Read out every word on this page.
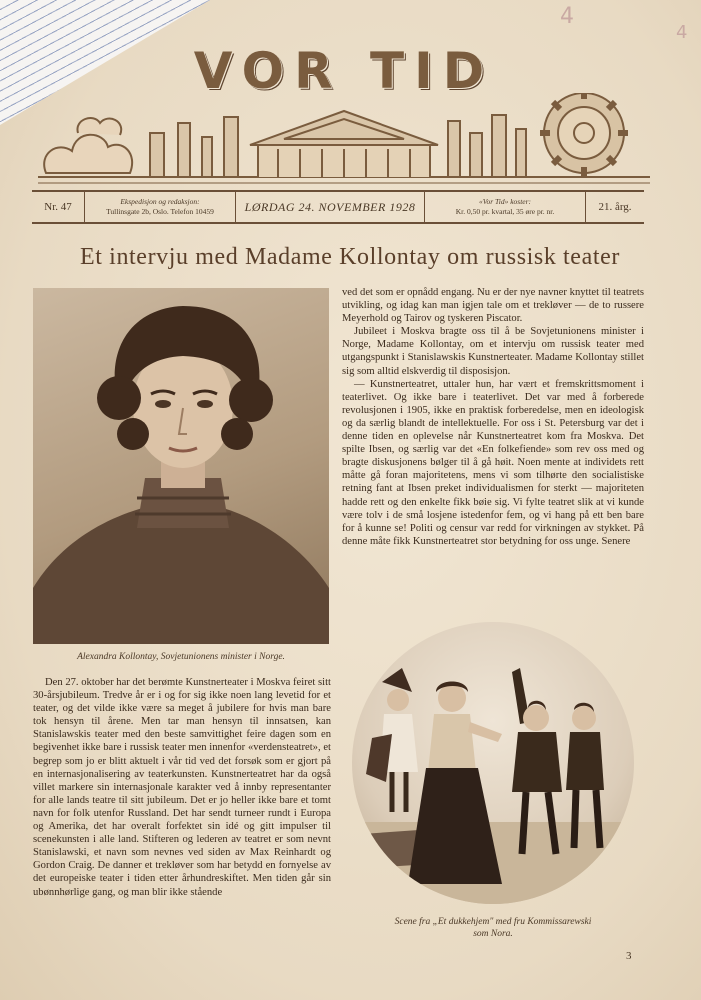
4
4
VOR TID
Nr. 47	Ekspedisjon og redaksjon:
Tullinsgate 2b, Oslo. Telefon 10459	LØRDAG 24. NOVEMBER 1928	«Vor Tid» koster:
Kr. 0,50 pr. kvartal, 35 øre pr. nr.	21. årg.
Et intervju med Madame Kollontay om russisk teater
Alexandra Kollontay, Sovjetunionens minister i Norge.

ved det som er opnådd engang. Nu er der nye navner knyttet til teatrets utvikling, og idag kan man igjen tale om et trekløver — de to russere Meyerhold og Tairov og tyskeren Piscator.

Jubileet i Moskva bragte oss til å be Sovjetunionens minister i Norge, Madame Kollontay, om et intervju om russisk teater med utgangspunkt i Stanislawskis Kunstnerteater. Madame Kollontay stillet sig som alltid elskverdig til disposisjon.

— Kunstnerteatret, uttaler hun, har vært et fremskrittsmoment i teaterlivet. Og ikke bare i teaterlivet. Det var med å forberede revolusjonen i 1905, ikke en praktisk forberedelse, men en ideologisk og da særlig blandt de intellektuelle. For oss i St. Petersburg var det i denne tiden en oplevelse når Kunstnerteatret kom fra Moskva. Det spilte Ibsen, og særlig var det «En folkefiende» som rev oss med og bragte diskusjonens bølger til å gå høit. Noen mente at individets rett måtte gå foran majoritetens, mens vi som tilhørte den socialistiske retning fant at Ibsen preket individualismen for sterkt — majoriteten hadde rett og den enkelte fikk bøie sig. Vi fylte teatret slik at vi kunde være tolv i de små losjene istedenfor fem, og vi hang på ett ben bare for å kunne se! Politi og censur var redd for virkningen av stykket. På denne måte fikk Kunstnerteatret stor betydning for oss unge. Senere

Den 27. oktober har det berømte Kunstnerteater i Moskva feiret sitt 30-årsjubileum. Tredve år er i og for sig ikke noen lang levetid for et teater, og det vilde ikke være sa meget å jubilere for hvis man bare tok hensyn til årene. Men tar man hensyn til innsatsen, kan Stanislawskis teater med den beste samvittighet feire dagen som en begivenhet ikke bare i russisk teater men innenfor «verdensteatret», et begrep som jo er blitt aktuelt i vår tid ved det forsøk som er gjort på en internasjonalisering av teaterkunsten. Kunstnerteatret har da også villet markere sin internasjonale karakter ved å innby representanter for alle lands teatre til sitt jubileum. Det er jo heller ikke bare et tomt navn for folk utenfor Russland. Det har sendt turneer rundt i Europa og Amerika, det har overalt forfektet sin idé og gitt impulser til scenekunsten i alle land. Stifteren og lederen av teatret er som nevnt Stanislawski, et navn som nevnes ved siden av Max Reinhardt og Gordon Craig. De danner et trekløver som har betydd en fornyelse av det europeiske teater i tiden etter århundreskiftet. Men tiden går sin ubønnhørlige gang, og man blir ikke stående

Scene fra „Et dukkehjem" med fru Kommissarewski
som Nora.
3
